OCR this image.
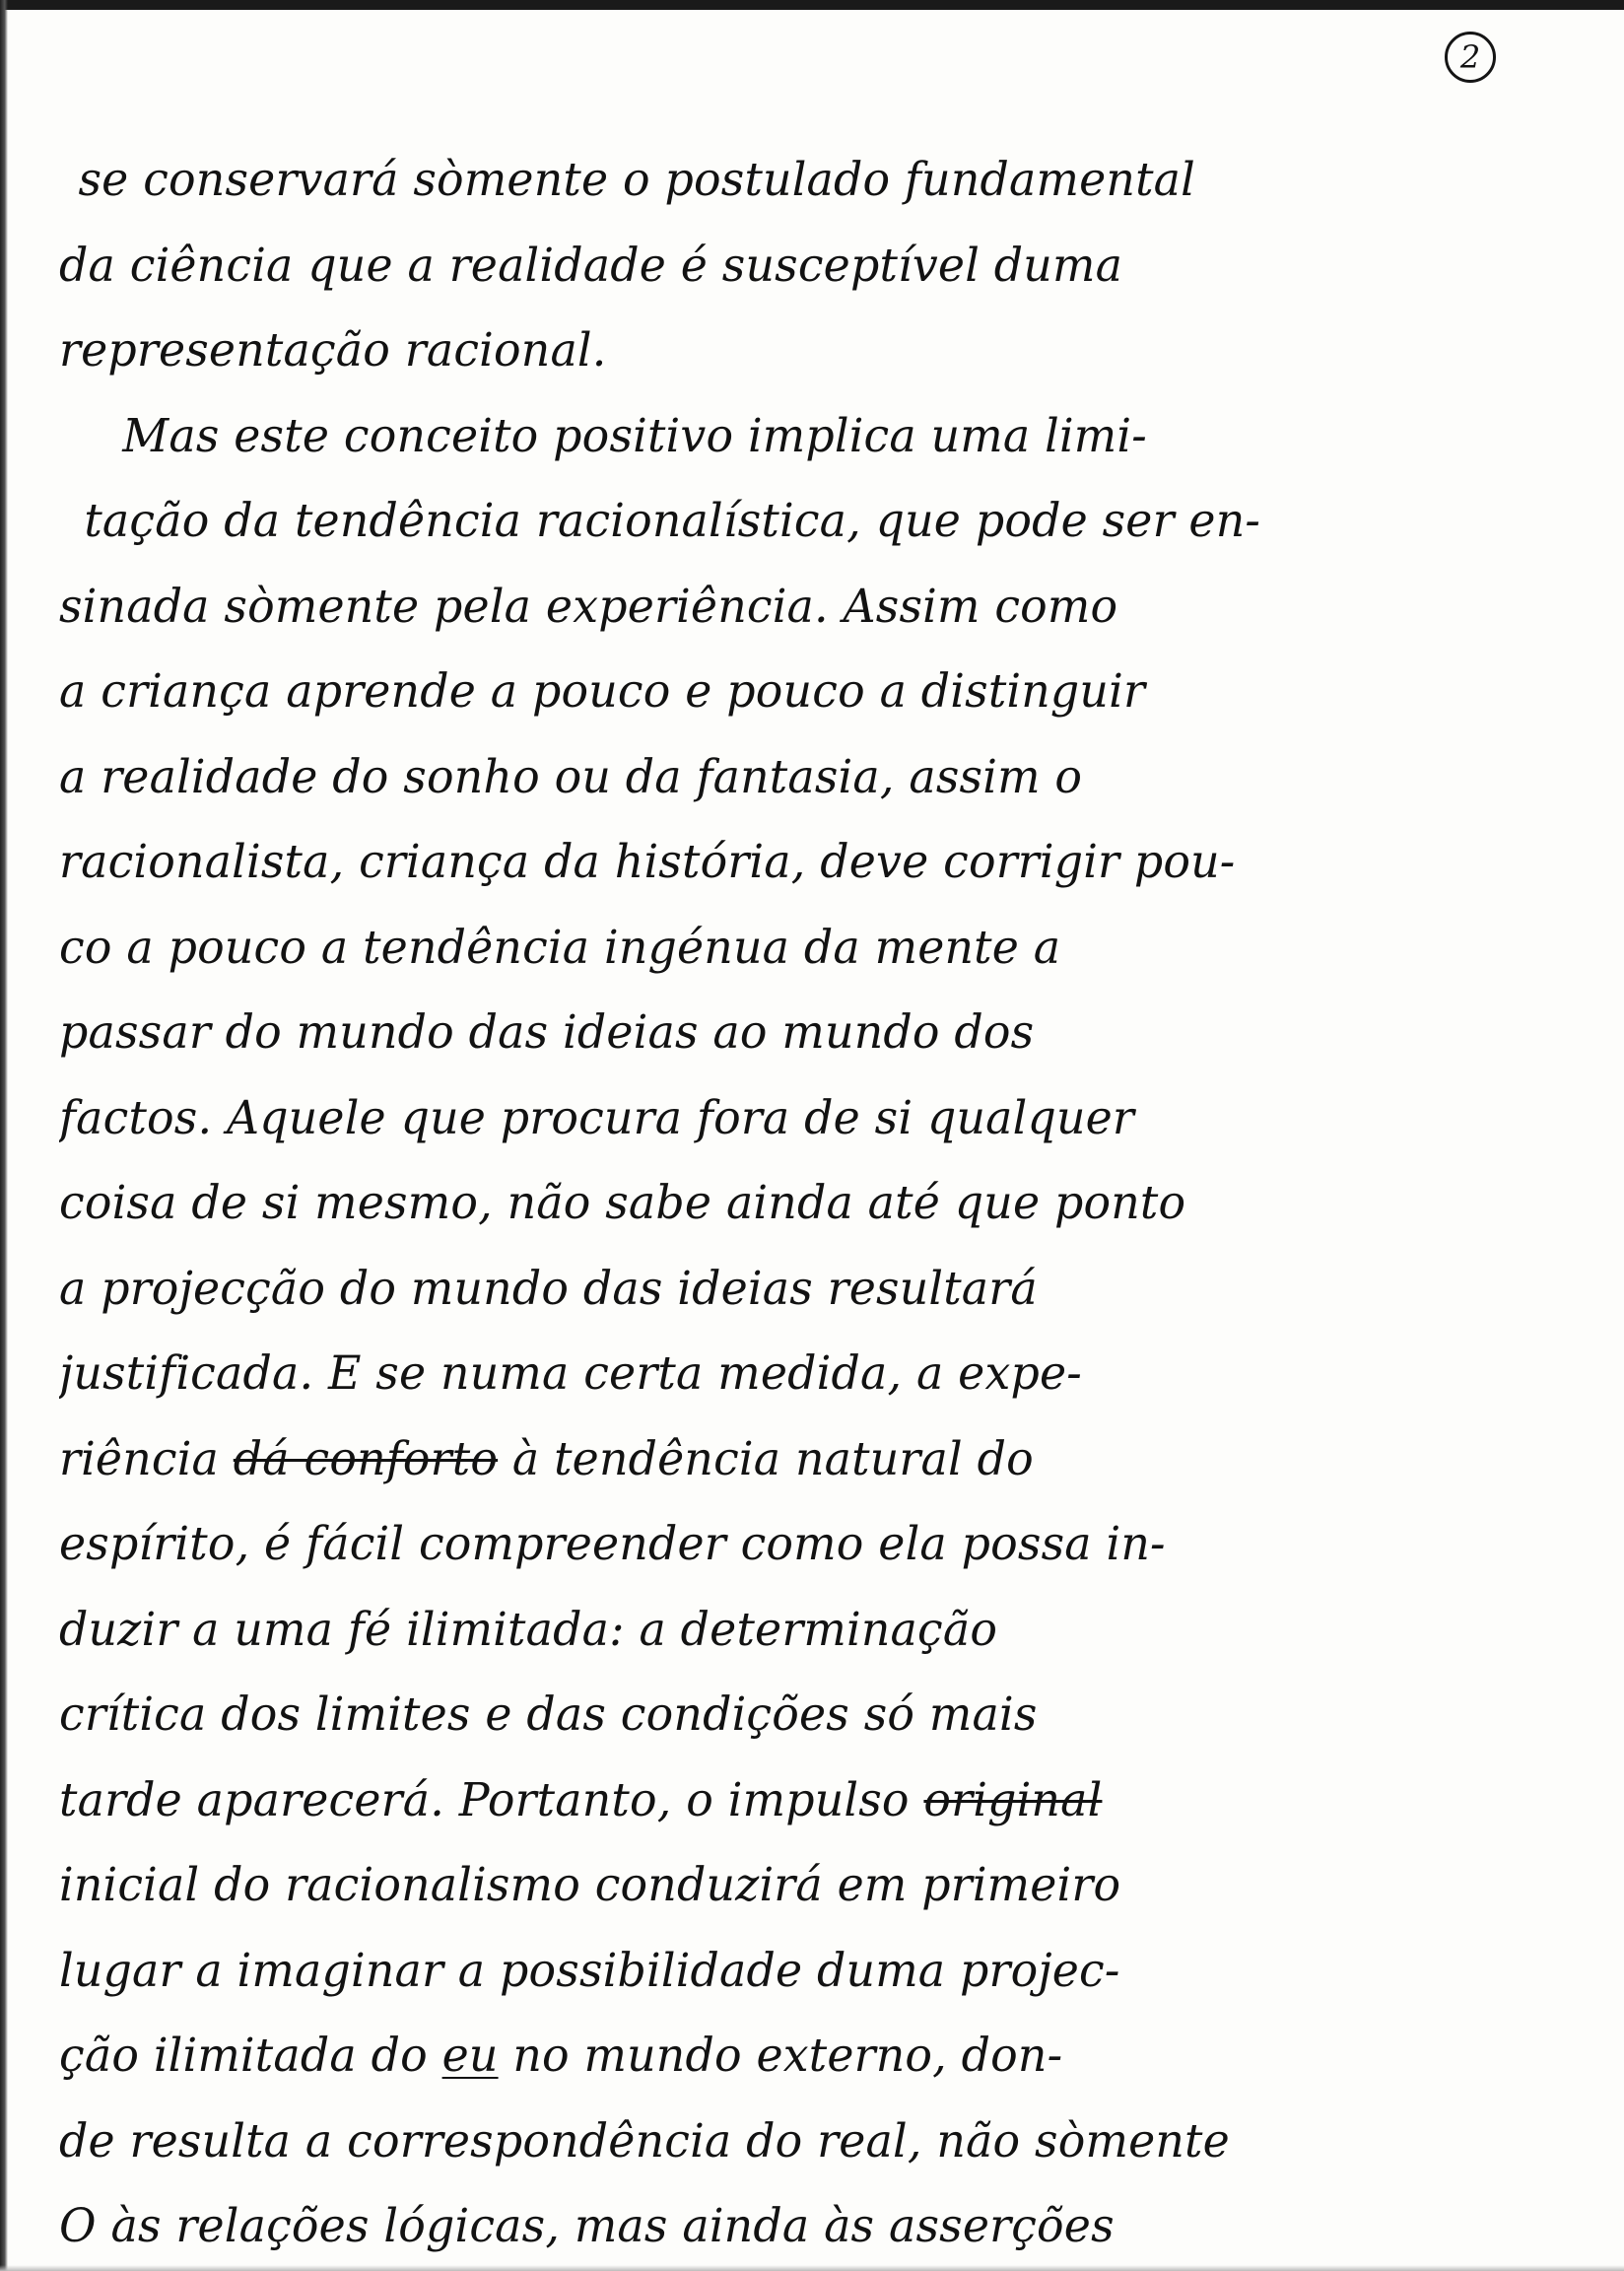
2
se conservará sòmente o postulado fundamental
da ciência que a realidade é susceptível duma
representação racional.
Mas este conceito positivo implica uma limi-
tação da tendência racionalística, que pode ser en-
sinada sòmente pela experiência. Assim como
a criança aprende a pouco e pouco a distinguir
a realidade do sonho ou da fantasia, assim o
racionalista, criança da história, deve corrigir pou-
co a pouco a tendência ingénua da mente a
passar do mundo das ideias ao mundo dos
factos. Aquele que procura fora de si qualquer
coisa de si mesmo, não sabe ainda até que ponto
a projecção do mundo das ideias resultará
justificada. E se numa certa medida, a expe-
riência dá conforto à tendência natural do
espírito, é fácil compreender como ela possa in-
duzir a uma fé ilimitada: a determinação
crítica dos limites e das condições só mais
tarde aparecerá. Portanto, o impulso original
inicial do racionalismo conduzirá em primeiro
lugar a imaginar a possibilidade duma projec-
ção ilimitada do eu no mundo externo, don-
de resulta a correspondência do real, não sòmente
O às relações lógicas, mas ainda às asserções
